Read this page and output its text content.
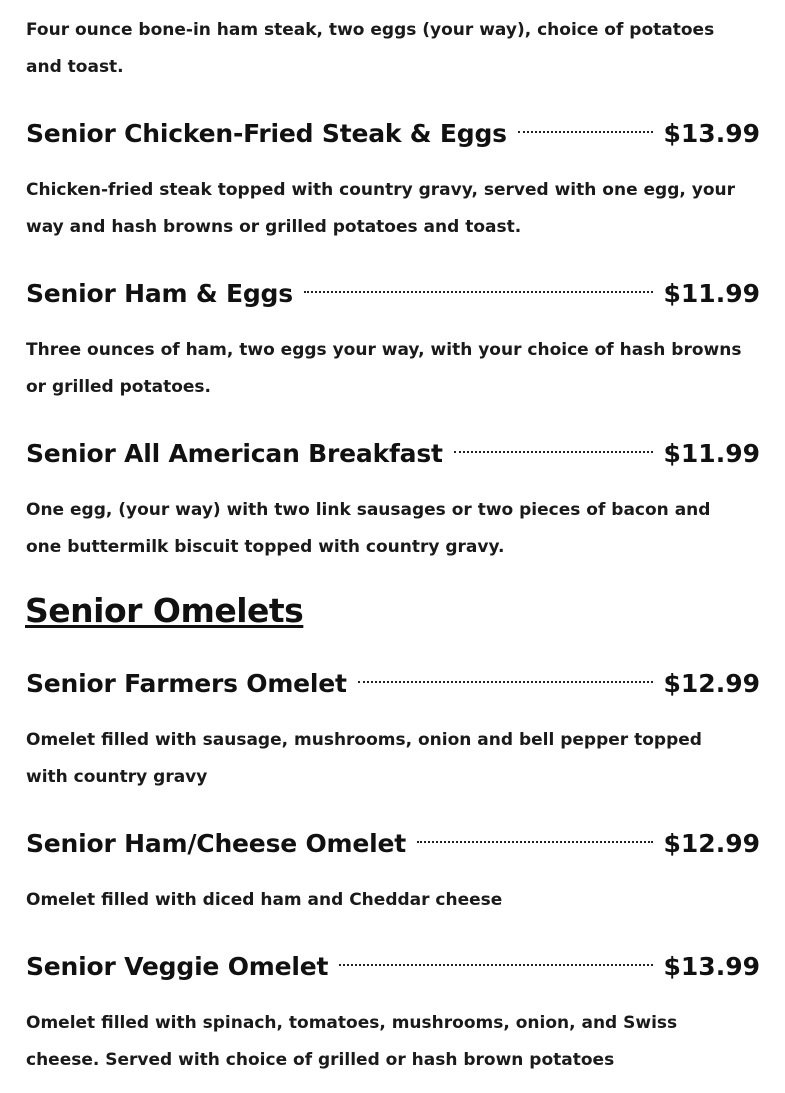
Four ounce bone-in ham steak, two eggs (your way), choice of potatoes and toast.

Senior Chicken-Fried Steak & Eggs	$13.99

Chicken-fried steak topped with country gravy, served with one egg, your way and hash browns or grilled potatoes and toast.

Senior Ham & Eggs	$11.99

Three ounces of ham, two eggs your way, with your choice of hash browns or grilled potatoes.

Senior All American Breakfast	$11.99

One egg, (your way) with two link sausages or two pieces of bacon and one buttermilk biscuit topped with country gravy.

Senior Omelets
Senior Farmers Omelet	$12.99

Omelet filled with sausage, mushrooms, onion and bell pepper topped with country gravy

Senior Ham/Cheese Omelet	$12.99

Omelet filled with diced ham and Cheddar cheese

Senior Veggie Omelet	$13.99

Omelet filled with spinach, tomatoes, mushrooms, onion, and Swiss cheese. Served with choice of grilled or hash brown potatoes
